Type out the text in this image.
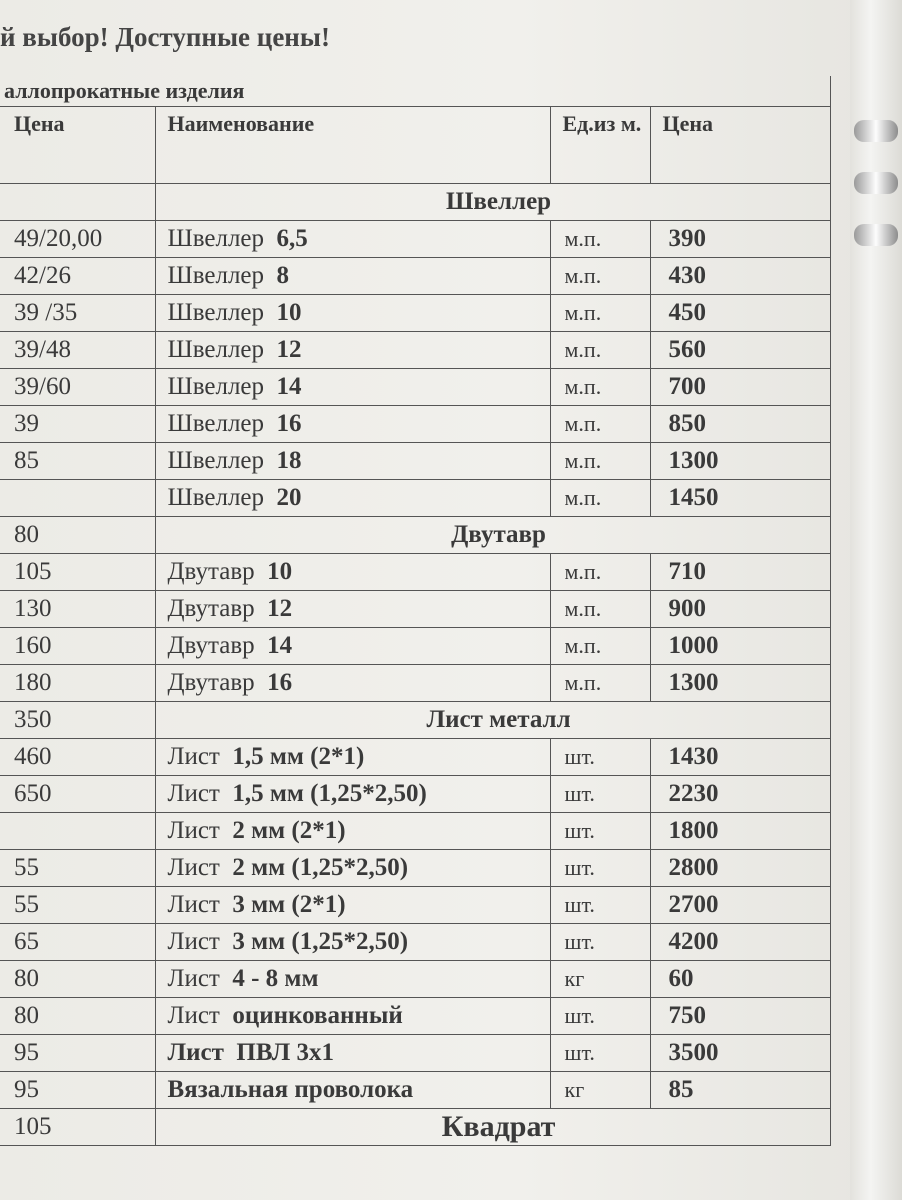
й выбор! Доступные цены!
аллопрокатные изделия			
Цена	Наименование	Ед.из м.	Цена
	Швеллер		
49/20,00	Швеллер 6,5	м.п.	390
42/26	Швеллер 8	м.п.	430
39 /35	Швеллер 10	м.п.	450
39/48	Швеллер 12	м.п.	560
39/60	Швеллер 14	м.п.	700
39	Швеллер 16	м.п.	850
85	Швеллер 18	м.п.	1300
	Швеллер 20	м.п.	1450
80	Двутавр		
105	Двутавр 10	м.п.	710
130	Двутавр 12	м.п.	900
160	Двутавр 14	м.п.	1000
180	Двутавр 16	м.п.	1300
350	Лист металл		
460	Лист 1,5 мм (2*1)	шт.	1430
650	Лист 1,5 мм (1,25*2,50)	шт.	2230
	Лист 2 мм (2*1)	шт.	1800
55	Лист 2 мм (1,25*2,50)	шт.	2800
55	Лист 3 мм (2*1)	шт.	2700
65	Лист 3 мм (1,25*2,50)	шт.	4200
80	Лист 4 - 8 мм	кг	60
80	Лист оцинкованный	шт.	750
95	Лист ПВЛ 3х1	шт.	3500
95	Вязальная проволока	кг	85
105	Квадрат		
